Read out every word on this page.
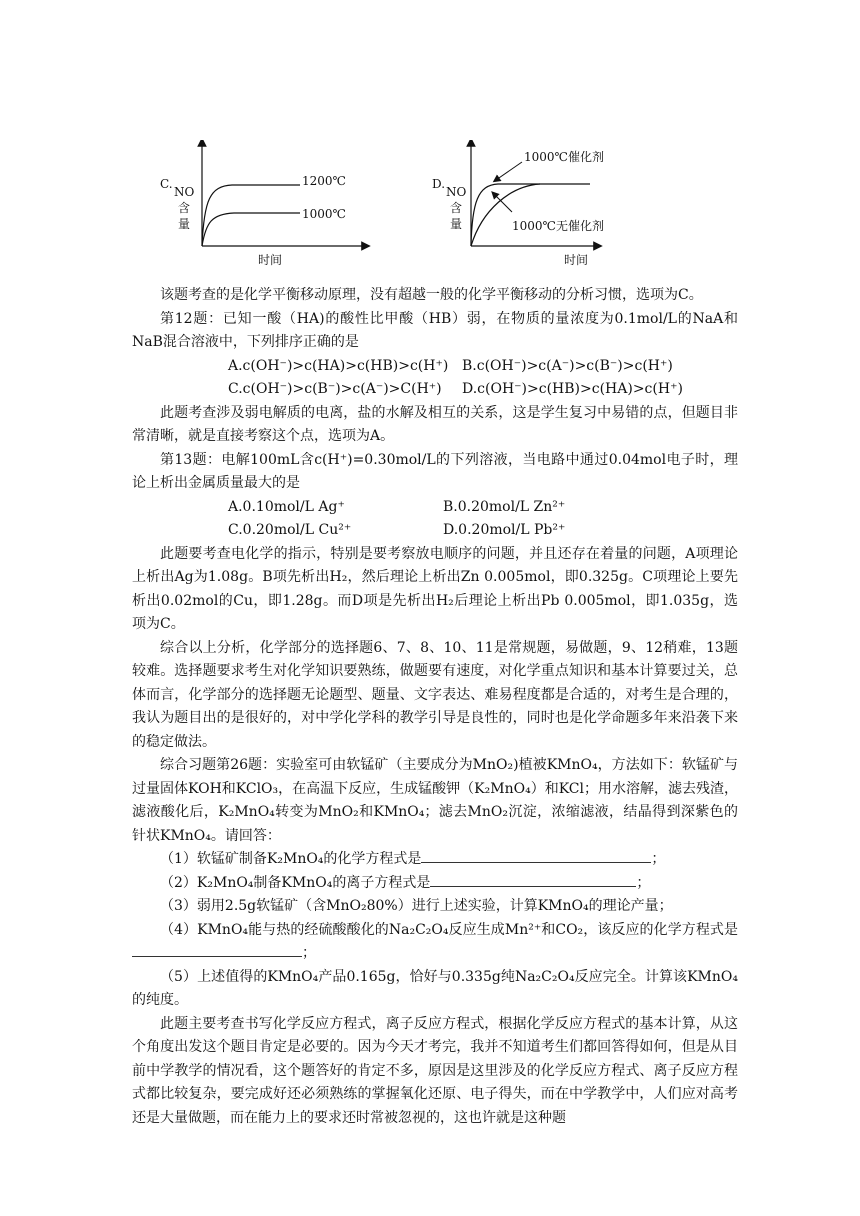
C.
NO
含
量
时间
1200℃
1000℃
D.
NO
含
量
时间
1000℃催化剂
1000℃无催化剂

该题考查的是化学平衡移动原理，没有超越一般的化学平衡移动的分析习惯，选项为C。

第12题：已知一酸（HA)的酸性比甲酸（HB）弱，在物质的量浓度为0.1mol/L的NaA和NaB混合溶液中，下列排序正确的是

A.c(OH⁻)>c(HA)>c(HB)>c(H⁺) B.c(OH⁻)>c(A⁻)>c(B⁻)>c(H⁺)
C.c(OH⁻)>c(B⁻)>c(A⁻)>C(H⁺)	D.c(OH⁻)>c(HB)>c(HA)>c(H⁺)

此题考查涉及弱电解质的电离，盐的水解及相互的关系，这是学生复习中易错的点，但题目非常清晰，就是直接考察这个点，选项为A。

第13题：电解100mL含c(H⁺)=0.30mol/L的下列溶液，当电路中通过0.04mol电子时，理论上析出金属质量最大的是

A.0.10mol/L Ag⁺	B.0.20mol/L Zn²⁺
C.0.20mol/L Cu²⁺	D.0.20mol/L Pb²⁺

此题要考查电化学的指示，特别是要考察放电顺序的问题，并且还存在着量的问题，A项理论上析出Ag为1.08g。B项先析出H₂，然后理论上析出Zn 0.005mol，即0.325g。C项理论上要先析出0.02mol的Cu，即1.28g。而D项是先析出H₂后理论上析出Pb 0.005mol，即1.035g，选项为C。

综合以上分析，化学部分的选择题6、7、8、10、11是常规题，易做题，9、12稍难，13题较难。选择题要求考生对化学知识要熟练，做题要有速度，对化学重点知识和基本计算要过关，总体而言，化学部分的选择题无论题型、题量、文字表达、难易程度都是合适的，对考生是合理的，我认为题目出的是很好的，对中学化学科的教学引导是良性的，同时也是化学命题多年来沿袭下来的稳定做法。

综合习题第26题：实验室可由软锰矿（主要成分为MnO₂)植被KMnO₄，方法如下：软锰矿与过量固体KOH和KClO₃，在高温下反应，生成锰酸钾（K₂MnO₄）和KCl；用水溶解，滤去残渣，滤液酸化后，K₂MnO₄转变为MnO₂和KMnO₄；滤去MnO₂沉淀，浓缩滤液，结晶得到深紫色的针状KMnO₄。请回答：

（1）软锰矿制备K₂MnO₄的化学方程式是	；

（2）K₂MnO₄制备KMnO₄的离子方程式是	；

（3）弱用2.5g软锰矿（含MnO₂80%）进行上述实验，计算KMnO₄的理论产量；

（4）KMnO₄能与热的经硫酸酸化的Na₂C₂O₄反应生成Mn²⁺和CO₂，该反应的化学方程式是；

（5）上述值得的KMnO₄产品0.165g，恰好与0.335g纯Na₂C₂O₄反应完全。计算该KMnO₄的纯度。

此题主要考查书写化学反应方程式，离子反应方程式，根据化学反应方程式的基本计算，从这个角度出发这个题目肯定是必要的。因为今天才考完，我并不知道考生们都回答得如何，但是从目前中学教学的情况看，这个题答好的肯定不多，原因是这里涉及的化学反应方程式、离子反应方程式都比较复杂，要完成好还必须熟练的掌握氧化还原、电子得失，而在中学教学中，人们应对高考还是大量做题，而在能力上的要求还时常被忽视的，这也许就是这种题
